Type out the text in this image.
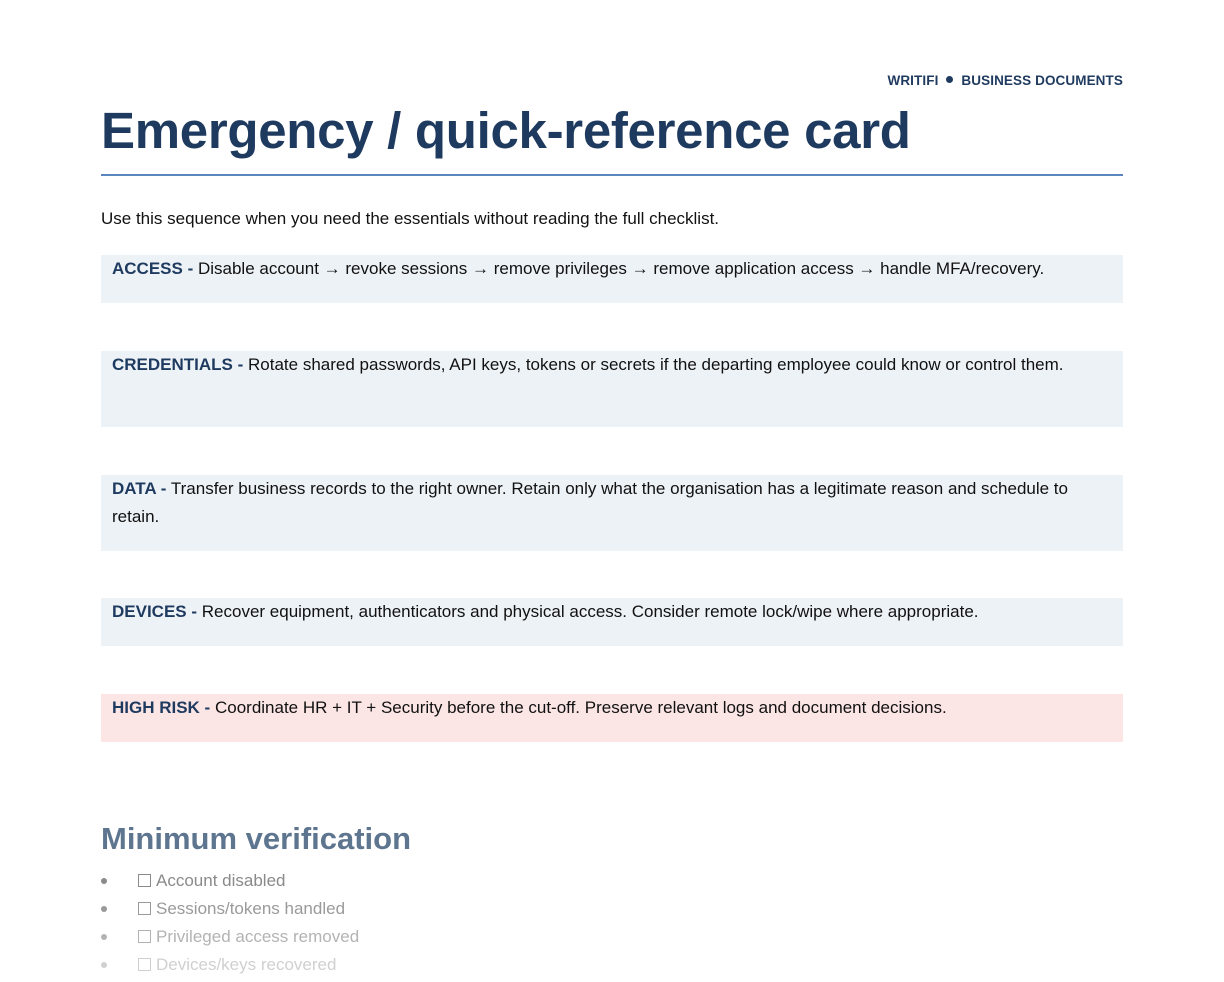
WRITIFI BUSINESS DOCUMENTS
Emergency / quick-reference card
Use this sequence when you need the essentials without reading the full checklist.
ACCESS - Disable account → revoke sessions → remove privileges → remove application access → handle MFA/recovery.
CREDENTIALS - Rotate shared passwords, API keys, tokens or secrets if the departing employee could know or control them.
DATA - Transfer business records to the right owner. Retain only what the organisation has a legitimate reason and schedule to retain.
DEVICES - Recover equipment, authenticators and physical access. Consider remote lock/wipe where appropriate.
HIGH RISK - Coordinate HR + IT + Security before the cut-off. Preserve relevant logs and document decisions.
Minimum verification
Account disabled
Sessions/tokens handled
Privileged access removed
Devices/keys recovered
